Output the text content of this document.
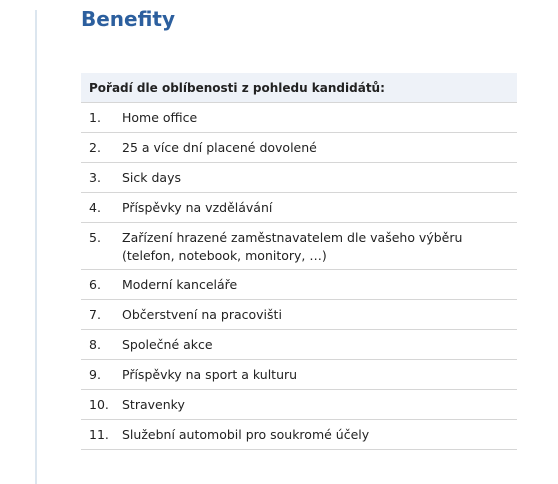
Benefity
Pořadí dle oblíbenosti z pohledu kandidátů:
1.	Home office
2.	25 a více dní placené dovolené
3.	Sick days
4.	Příspěvky na vzdělávání
5.	Zařízení hrazené zaměstnavatelem dle vašeho výběru (telefon, notebook, monitory, …)
6.	Moderní kanceláře
7.	Občerstvení na pracovišti
8.	Společné akce
9.	Příspěvky na sport a kulturu
10.	Stravenky
11.	Služební automobil pro soukromé účely
